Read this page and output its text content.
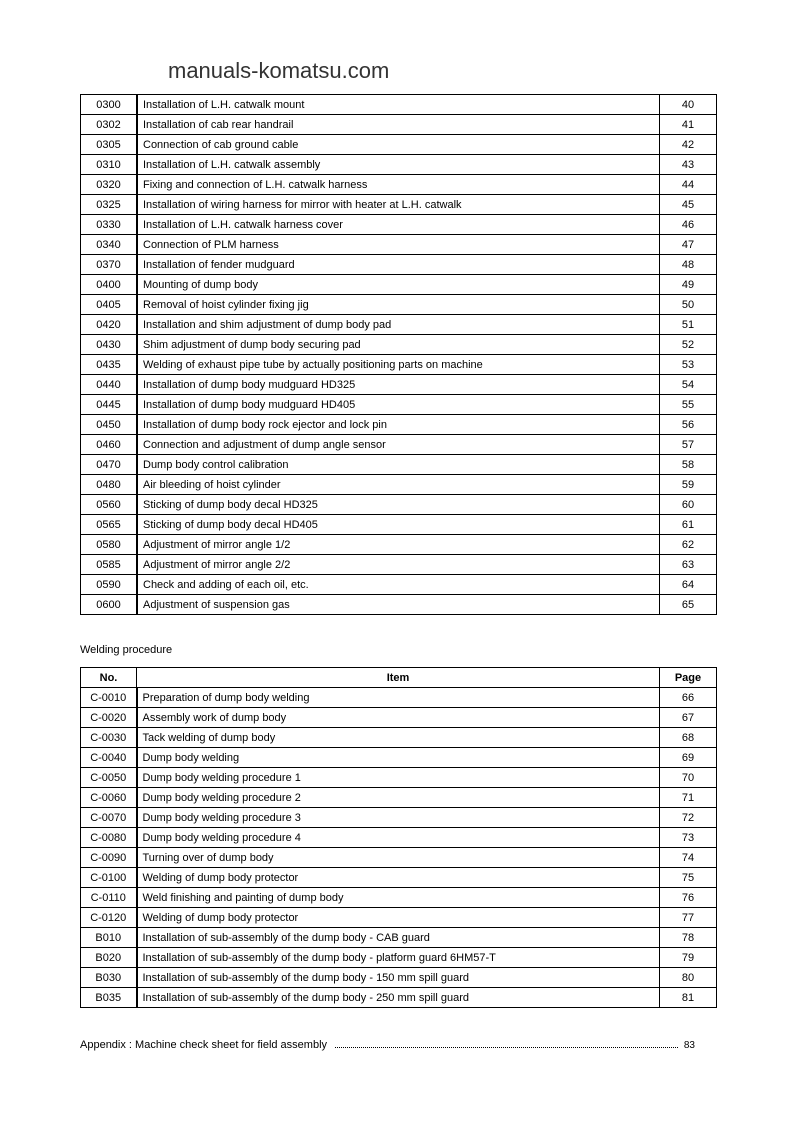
manuals-komatsu.com
0300	Installation of L.H. catwalk mount	40
0302	Installation of cab rear handrail	41
0305	Connection of cab ground cable	42
0310	Installation of L.H. catwalk assembly	43
0320	Fixing and connection of L.H. catwalk harness	44
0325	Installation of wiring harness for mirror with heater at L.H. catwalk	45
0330	Installation of L.H. catwalk harness cover	46
0340	Connection of PLM harness	47
0370	Installation of fender mudguard	48
0400	Mounting of dump body	49
0405	Removal of hoist cylinder fixing jig	50
0420	Installation and shim adjustment of dump body pad	51
0430	Shim adjustment of dump body securing pad	52
0435	Welding of exhaust pipe tube by actually positioning parts on machine	53
0440	Installation of dump body mudguard HD325	54
0445	Installation of dump body mudguard HD405	55
0450	Installation of dump body rock ejector and lock pin	56
0460	Connection and adjustment of dump angle sensor	57
0470	Dump body control calibration	58
0480	Air bleeding of hoist cylinder	59
0560	Sticking of dump body decal HD325	60
0565	Sticking of dump body decal HD405	61
0580	Adjustment of mirror angle 1/2	62
0585	Adjustment of mirror angle 2/2	63
0590	Check and adding of each oil, etc.	64
0600	Adjustment of suspension gas	65
Welding procedure
No.	Item	Page
C-0010	Preparation of dump body welding	66
C-0020	Assembly work of dump body	67
C-0030	Tack welding of dump body	68
C-0040	Dump body welding	69
C-0050	Dump body welding procedure 1	70
C-0060	Dump body welding procedure 2	71
C-0070	Dump body welding procedure 3	72
C-0080	Dump body welding procedure 4	73
C-0090	Turning over of dump body	74
C-0100	Welding of dump body protector	75
C-0110	Weld finishing and painting of dump body	76
C-0120	Welding of dump body protector	77
B010	Installation of sub-assembly of the dump body - CAB guard	78
B020	Installation of sub-assembly of the dump body - platform guard 6HM57-T	79
B030	Installation of sub-assembly of the dump body - 150 mm spill guard	80
B035	Installation of sub-assembly of the dump body - 250 mm spill guard	81
Appendix : Machine check sheet for field assembly	83
